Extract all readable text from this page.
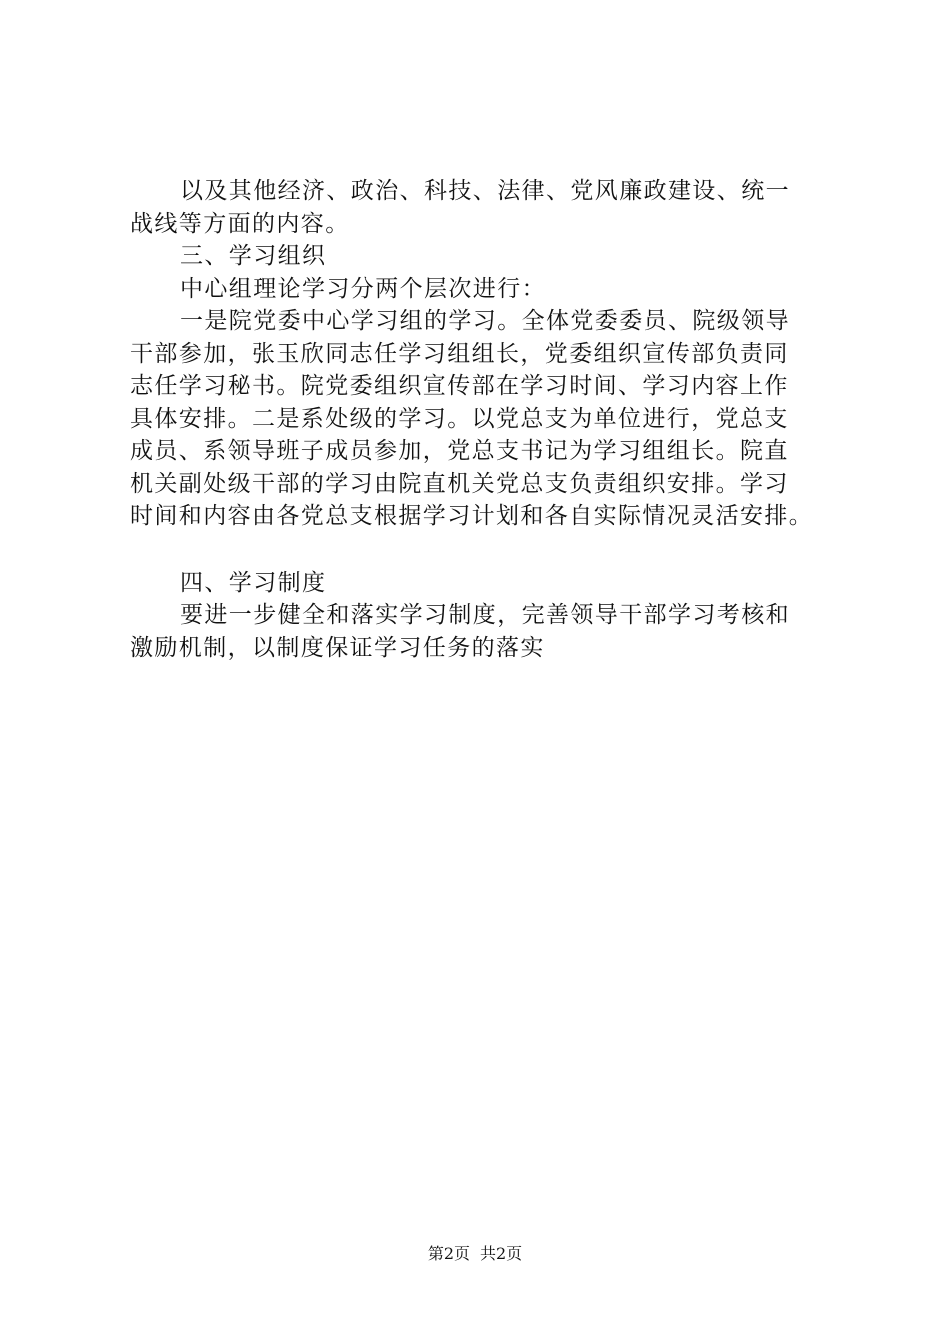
以及其他经济、政治、科技、法律、党风廉政建设、统一
战线等方面的内容。
三、学习组织
中心组理论学习分两个层次进行：
一是院党委中心学习组的学习。全体党委委员、院级领导
干部参加，张玉欣同志任学习组组长，党委组织宣传部负责同
志任学习秘书。院党委组织宣传部在学习时间、学习内容上作
具体安排。二是系处级的学习。以党总支为单位进行，党总支
成员、系领导班子成员参加，党总支书记为学习组组长。院直
机关副处级干部的学习由院直机关党总支负责组织安排。学习
时间和内容由各党总支根据学习计划和各自实际情况灵活安排。
四、学习制度
要进一步健全和落实学习制度，完善领导干部学习考核和
激励机制，以制度保证学习任务的落实
第2页 共2页
